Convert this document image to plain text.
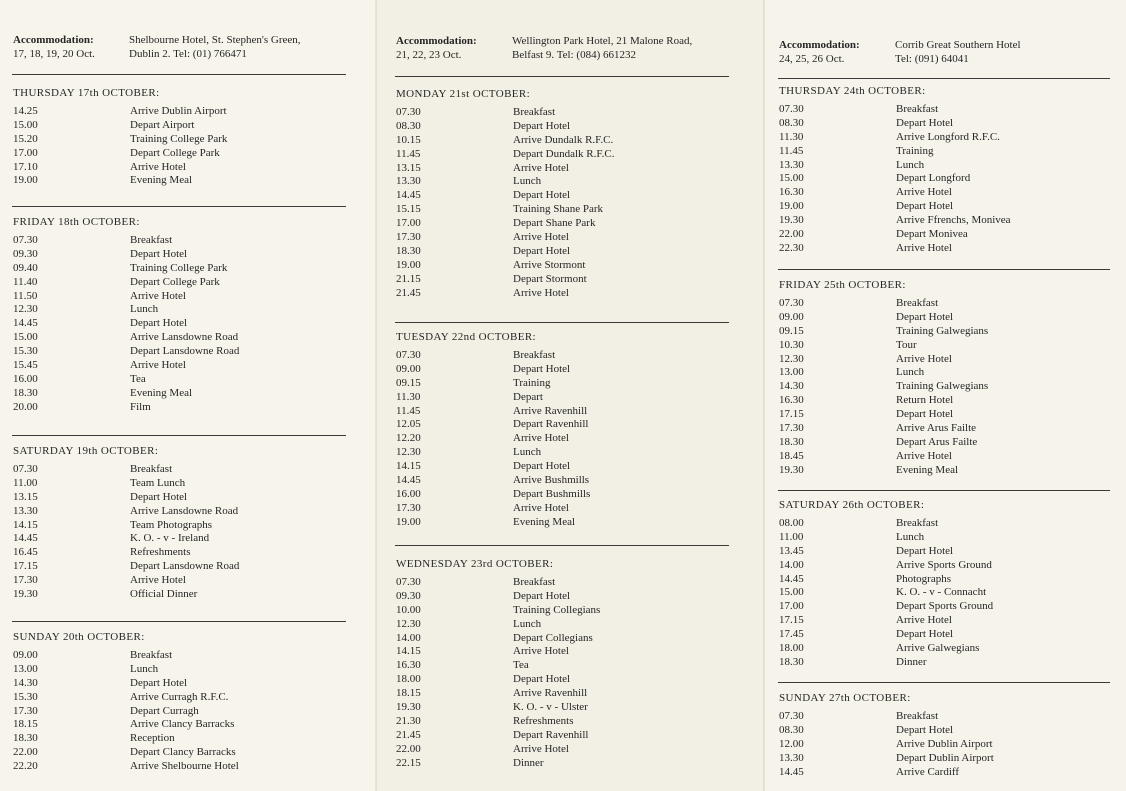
Accommodation:
17, 18, 19, 20 Oct.
Shelbourne Hotel, St. Stephen's Green,
Dublin 2. Tel: (01) 766471
THURSDAY 17th OCTOBER:
14.25	Arrive Dublin Airport
15.00	Depart Airport
15.20	Training College Park
17.00	Depart College Park
17.10	Arrive Hotel
19.00	Evening Meal
FRIDAY 18th OCTOBER:
07.30	Breakfast
09.30	Depart Hotel
09.40	Training College Park
11.40	Depart College Park
11.50	Arrive Hotel
12.30	Lunch
14.45	Depart Hotel
15.00	Arrive Lansdowne Road
15.30	Depart Lansdowne Road
15.45	Arrive Hotel
16.00	Tea
18.30	Evening Meal
20.00	Film
SATURDAY 19th OCTOBER:
07.30	Breakfast
11.00	Team Lunch
13.15	Depart Hotel
13.30	Arrive Lansdowne Road
14.15	Team Photographs
14.45	K. O. - v - Ireland
16.45	Refreshments
17.15	Depart Lansdowne Road
17.30	Arrive Hotel
19.30	Official Dinner
SUNDAY 20th OCTOBER:
09.00	Breakfast
13.00	Lunch
14.30	Depart Hotel
15.30	Arrive Curragh R.F.C.
17.30	Depart Curragh
18.15	Arrive Clancy Barracks
18.30	Reception
22.00	Depart Clancy Barracks
22.20	Arrive Shelbourne Hotel
Accommodation:
21, 22, 23 Oct.
Wellington Park Hotel, 21 Malone Road,
Belfast 9. Tel: (084) 661232
MONDAY 21st OCTOBER:
07.30	Breakfast
08.30	Depart Hotel
10.15	Arrive Dundalk R.F.C.
11.45	Depart Dundalk R.F.C.
13.15	Arrive Hotel
13.30	Lunch
14.45	Depart Hotel
15.15	Training Shane Park
17.00	Depart Shane Park
17.30	Arrive Hotel
18.30	Depart Hotel
19.00	Arrive Stormont
21.15	Depart Stormont
21.45	Arrive Hotel
TUESDAY 22nd OCTOBER:
07.30	Breakfast
09.00	Depart Hotel
09.15	Training
11.30	Depart
11.45	Arrive Ravenhill
12.05	Depart Ravenhill
12.20	Arrive Hotel
12.30	Lunch
14.15	Depart Hotel
14.45	Arrive Bushmills
16.00	Depart Bushmills
17.30	Arrive Hotel
19.00	Evening Meal
WEDNESDAY 23rd OCTOBER:
07.30	Breakfast
09.30	Depart Hotel
10.00	Training Collegians
12.30	Lunch
14.00	Depart Collegians
14.15	Arrive Hotel
16.30	Tea
18.00	Depart Hotel
18.15	Arrive Ravenhill
19.30	K. O. - v - Ulster
21.30	Refreshments
21.45	Depart Ravenhill
22.00	Arrive Hotel
22.15	Dinner
Accommodation:
24, 25, 26 Oct.
Corrib Great Southern Hotel
Tel: (091) 64041
THURSDAY 24th OCTOBER:
07.30	Breakfast
08.30	Depart Hotel
11.30	Arrive Longford R.F.C.
11.45	Training
13.30	Lunch
15.00	Depart Longford
16.30	Arrive Hotel
19.00	Depart Hotel
19.30	Arrive Ffrenchs, Monivea
22.00	Depart Monivea
22.30	Arrive Hotel
FRIDAY 25th OCTOBER:
07.30	Breakfast
09.00	Depart Hotel
09.15	Training Galwegians
10.30	Tour
12.30	Arrive Hotel
13.00	Lunch
14.30	Training Galwegians
16.30	Return Hotel
17.15	Depart Hotel
17.30	Arrive Arus Failte
18.30	Depart Arus Failte
18.45	Arrive Hotel
19.30	Evening Meal
SATURDAY 26th OCTOBER:
08.00	Breakfast
11.00	Lunch
13.45	Depart Hotel
14.00	Arrive Sports Ground
14.45	Photographs
15.00	K. O. - v - Connacht
17.00	Depart Sports Ground
17.15	Arrive Hotel
17.45	Depart Hotel
18.00	Arrive Galwegians
18.30	Dinner
SUNDAY 27th OCTOBER:
07.30	Breakfast
08.30	Depart Hotel
12.00	Arrive Dublin Airport
13.30	Depart Dublin Airport
14.45	Arrive Cardiff
